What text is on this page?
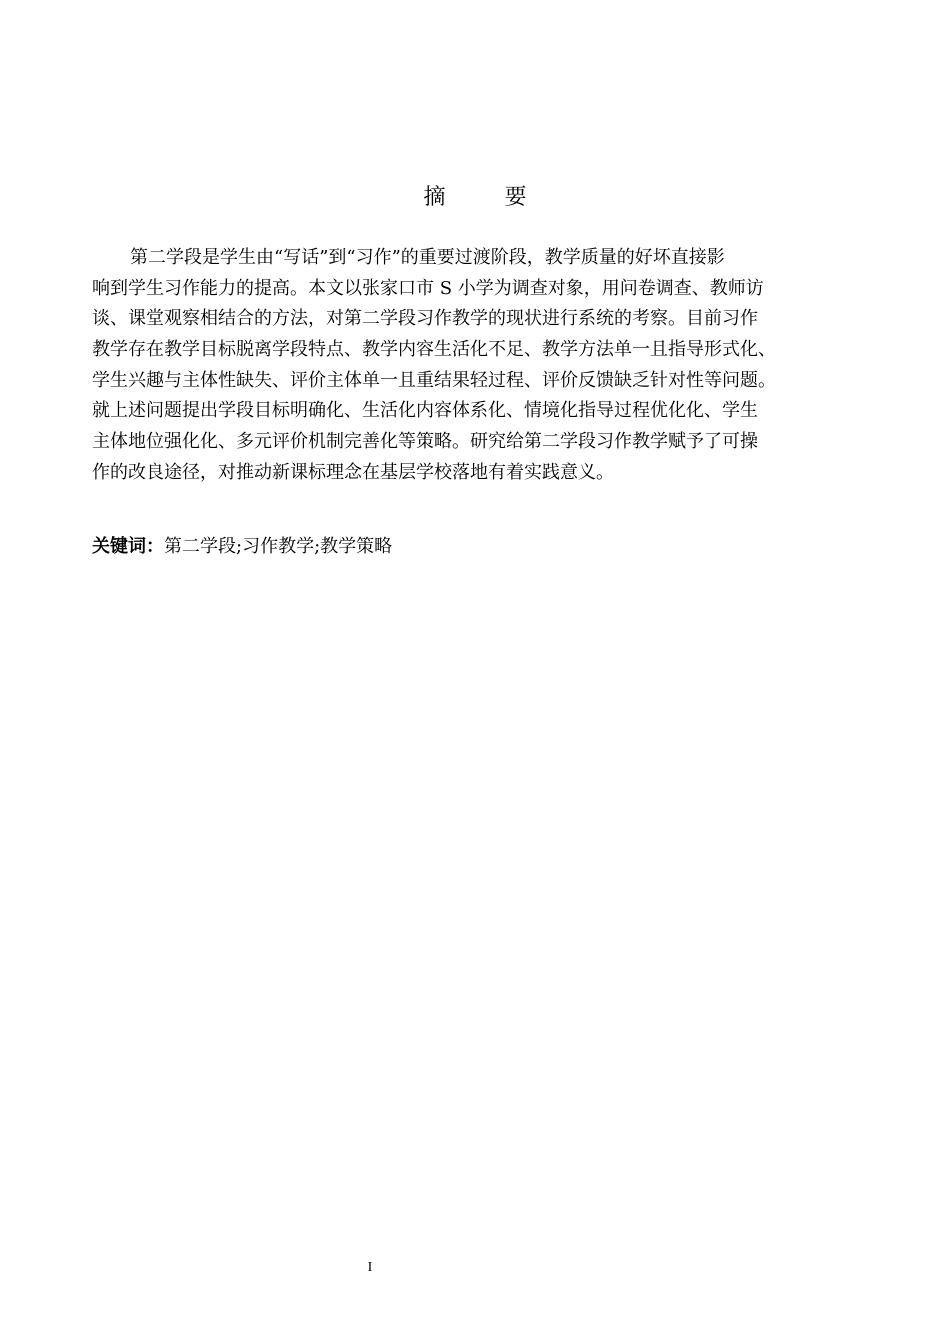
摘 要
第二学段是学生由“写话”到“习作”的重要过渡阶段，教学质量的好坏直接影
响到学生习作能力的提高。本文以张家口市 S 小学为调查对象，用问卷调查、教师访
谈、课堂观察相结合的方法，对第二学段习作教学的现状进行系统的考察。目前习作
教学存在教学目标脱离学段特点、教学内容生活化不足、教学方法单一且指导形式化、
学生兴趣与主体性缺失、评价主体单一且重结果轻过程、评价反馈缺乏针对性等问题。
就上述问题提出学段目标明确化、生活化内容体系化、情境化指导过程优化化、学生
主体地位强化化、多元评价机制完善化等策略。研究给第二学段习作教学赋予了可操
作的改良途径，对推动新课标理念在基层学校落地有着实践意义。
关键词：第二学段;习作教学;教学策略
I
